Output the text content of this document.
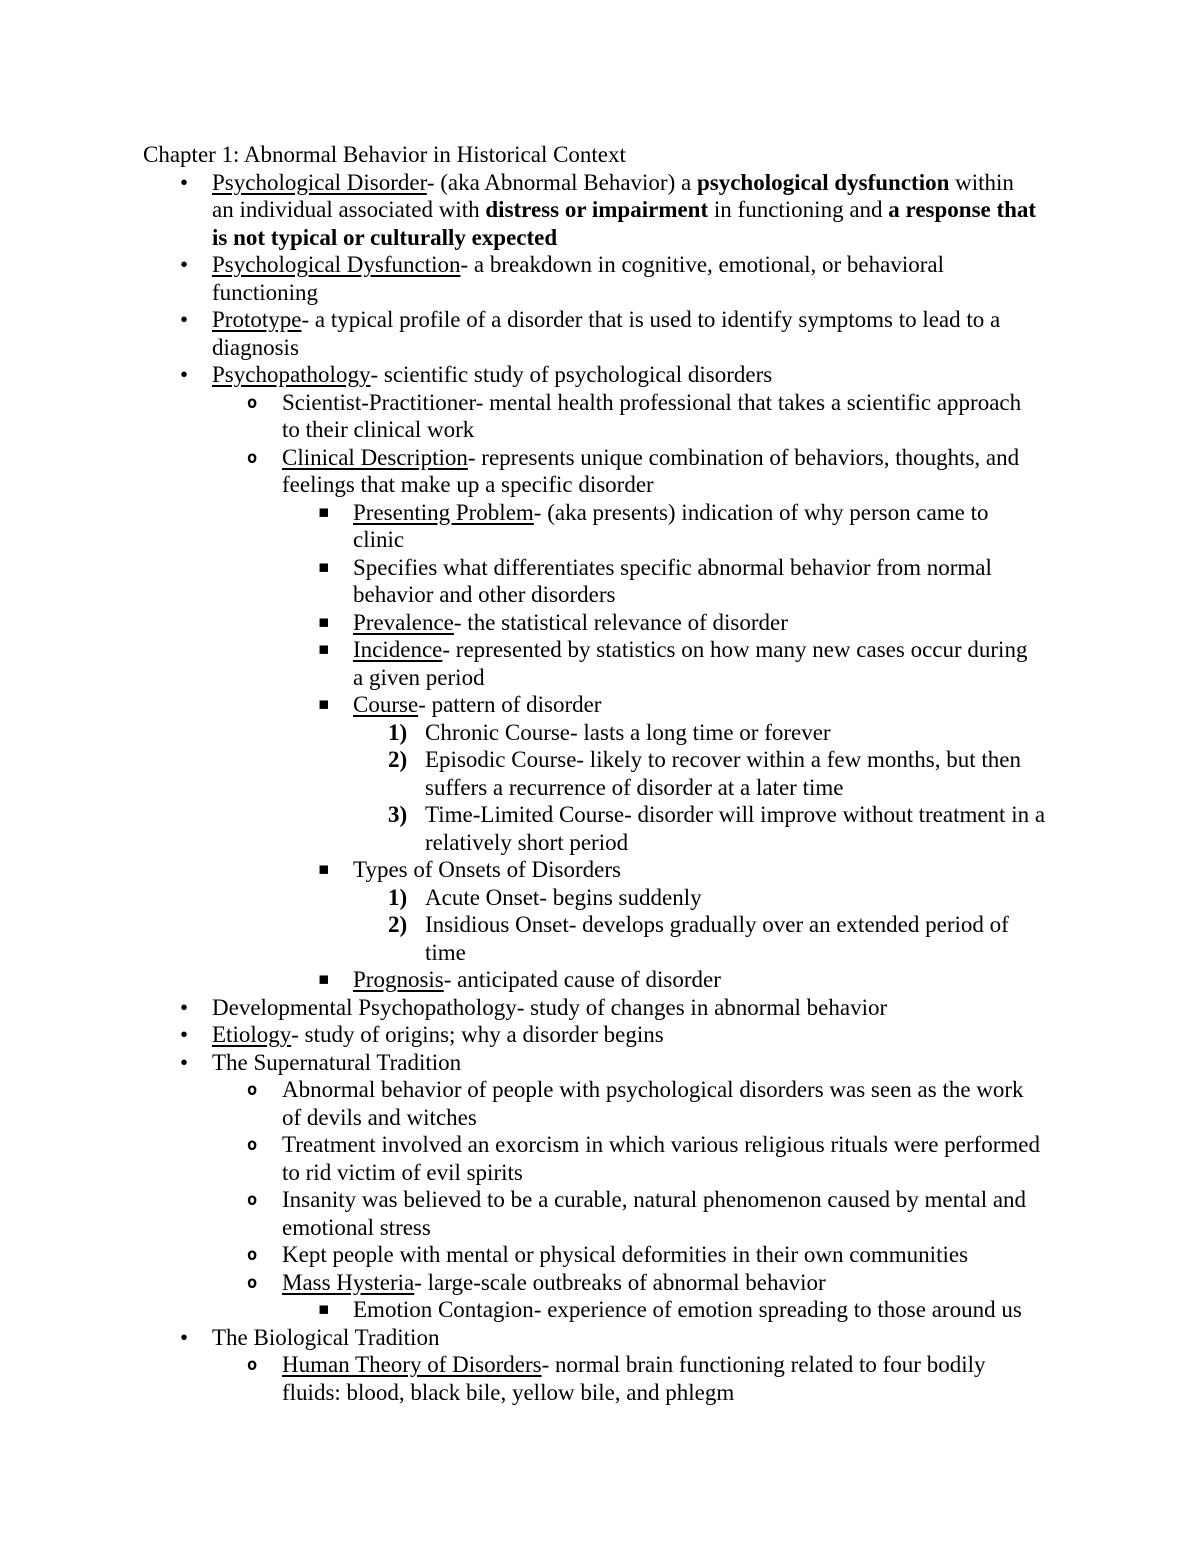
Chapter 1: Abnormal Behavior in Historical Context
• Psychological Disorder- (aka Abnormal Behavior) a psychological dysfunction within
an individual associated with distress or impairment in functioning and a response that
is not typical or culturally expected
• Psychological Dysfunction- a breakdown in cognitive, emotional, or behavioral
functioning
• Prototype- a typical profile of a disorder that is used to identify symptoms to lead to a
diagnosis
• Psychopathology- scientific study of psychological disorders
o Scientist-Practitioner- mental health professional that takes a scientific approach
to their clinical work
o Clinical Description- represents unique combination of behaviors, thoughts, and
feelings that make up a specific disorder
▪ Presenting Problem- (aka presents) indication of why person came to
clinic
▪ Specifies what differentiates specific abnormal behavior from normal
behavior and other disorders
▪ Prevalence- the statistical relevance of disorder
▪ Incidence- represented by statistics on how many new cases occur during
a given period
▪ Course- pattern of disorder
1) Chronic Course- lasts a long time or forever
2) Episodic Course- likely to recover within a few months, but then
suffers a recurrence of disorder at a later time
3) Time-Limited Course- disorder will improve without treatment in a
relatively short period
▪ Types of Onsets of Disorders
1) Acute Onset- begins suddenly
2) Insidious Onset- develops gradually over an extended period of
time
▪ Prognosis- anticipated cause of disorder
• Developmental Psychopathology- study of changes in abnormal behavior
• Etiology- study of origins; why a disorder begins
• The Supernatural Tradition
o Abnormal behavior of people with psychological disorders was seen as the work
of devils and witches
o Treatment involved an exorcism in which various religious rituals were performed
to rid victim of evil spirits
o Insanity was believed to be a curable, natural phenomenon caused by mental and
emotional stress
o Kept people with mental or physical deformities in their own communities
o Mass Hysteria- large-scale outbreaks of abnormal behavior
▪ Emotion Contagion- experience of emotion spreading to those around us
• The Biological Tradition
o Human Theory of Disorders- normal brain functioning related to four bodily
fluids: blood, black bile, yellow bile, and phlegm
